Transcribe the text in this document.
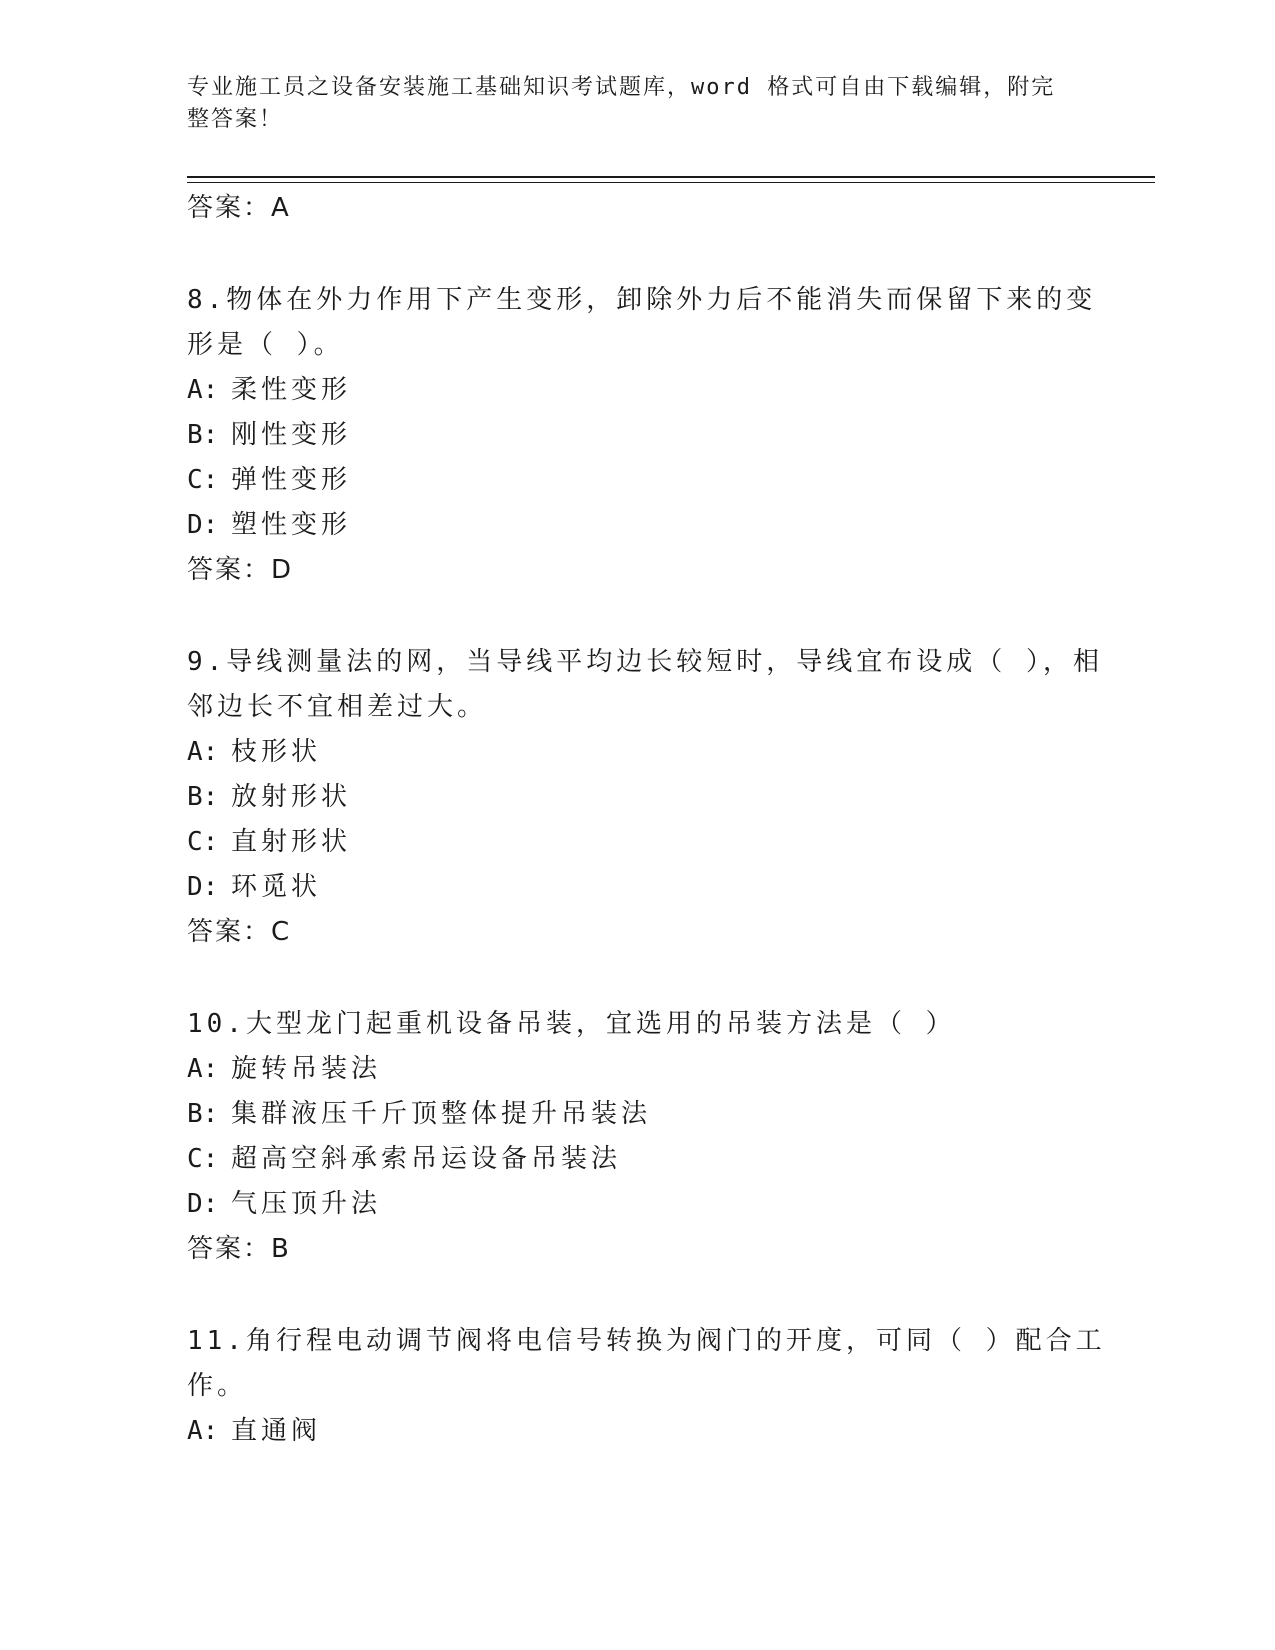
专业施工员之设备安装施工基础知识考试题库，word 格式可自由下载编辑，附完
整答案！
答案：A
8.物体在外力作用下产生变形，卸除外力后不能消失而保留下来的变
形是（ ）。
A: 柔性变形
B: 刚性变形
C: 弹性变形
D: 塑性变形
答案：D
9.导线测量法的网，当导线平均边长较短时，导线宜布设成（ ），相
邻边长不宜相差过大。
A: 枝形状
B: 放射形状
C: 直射形状
D: 环觅状
答案：C
10.大型龙门起重机设备吊装，宜选用的吊装方法是（ ）
A: 旋转吊装法
B: 集群液压千斤顶整体提升吊装法
C: 超高空斜承索吊运设备吊装法
D: 气压顶升法
答案：B
11.角行程电动调节阀将电信号转换为阀门的开度，可同（ ）配合工
作。
A: 直通阀
